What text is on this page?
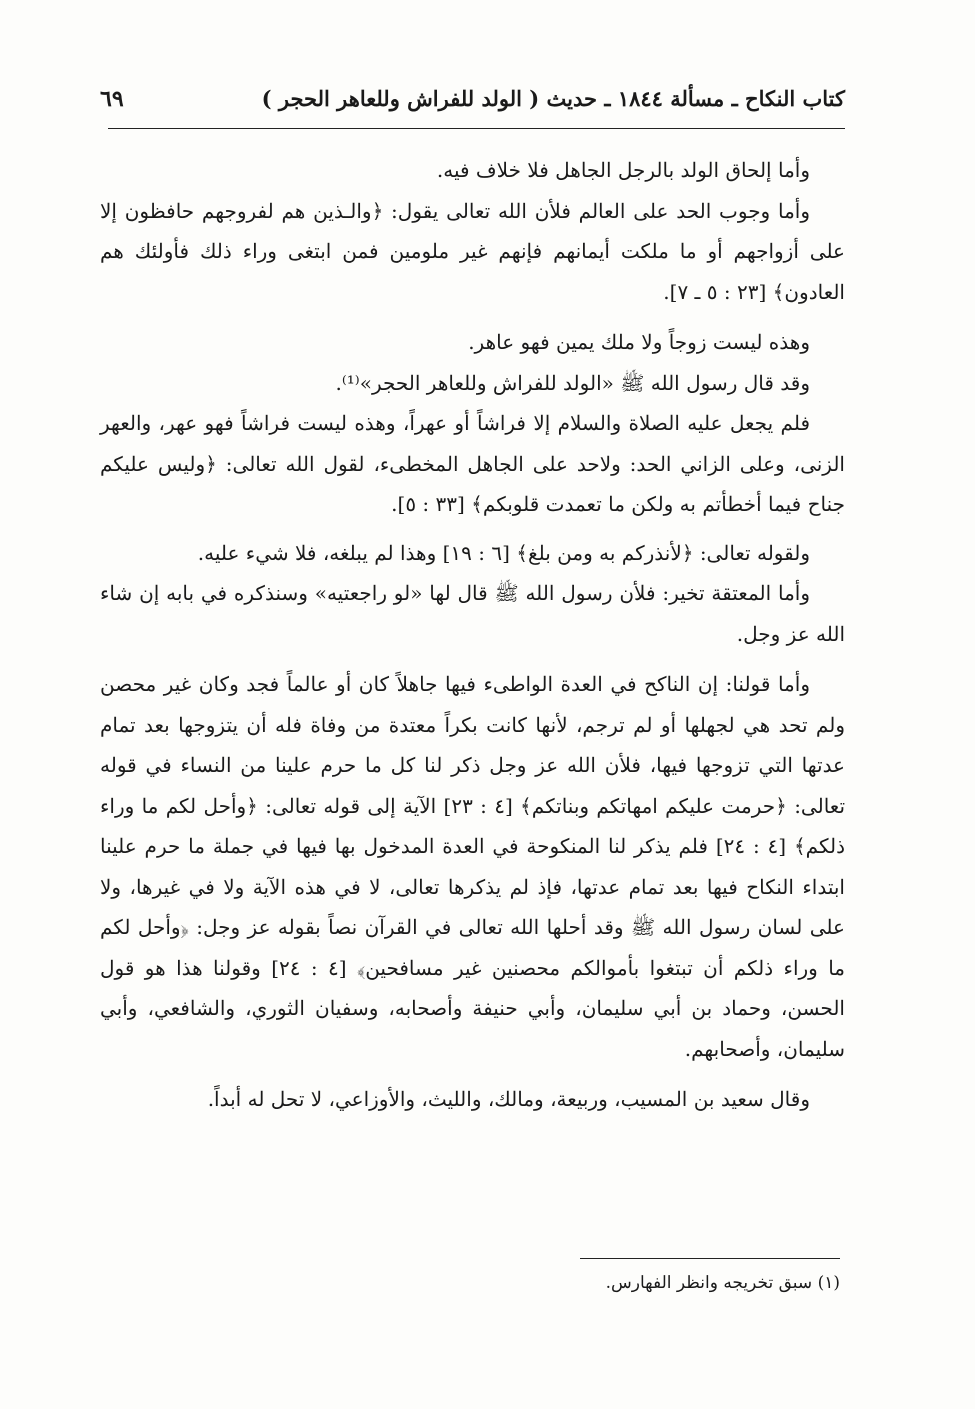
كتاب النكاح ـ مسألة ١٨٤٤ ـ حديث ( الولد للفراش وللعاهر الحجر )
٦٩

وأما إلحاق الولد بالرجل الجاهل فلا خلاف فيه.

وأما وجوب الحد على العالم فلأن الله تعالى يقول: ﴿والـذين هم لفروجهم حافظون إلا على أزواجهم أو ما ملكت أيمانهم فإنهم غير ملومين فمن ابتغى وراء ذلك فأولئك هم العادون﴾ [٢٣ : ٥ ـ ٧].

وهذه ليست زوجاً ولا ملك يمين فهو عاهر.

وقد قال رسول الله ﷺ «الولد للفراش وللعاهر الحجر»⁽¹⁾.

فلم يجعل عليه الصلاة والسلام إلا فراشاً أو عهراً، وهذه ليست فراشاً فهو عهر، والعهر الزنى، وعلى الزاني الحد: ولاحد على الجاهل المخطىء، لقول الله تعالى: ﴿وليس عليكم جناح فيما أخطأتم به ولكن ما تعمدت قلوبكم﴾ [٣٣ : ٥].

ولقوله تعالى: ﴿لأنذركم به ومن بلغ﴾ [٦ : ١٩] وهذا لم يبلغه، فلا شيء عليه.

وأما المعتقة تخير: فلأن رسول الله ﷺ قال لها «لو راجعتيه» وسنذكره في بابه إن شاء الله عز وجل.

وأما قولنا: إن الناكح في العدة الواطىء فيها جاهلاً كان أو عالماً فجد وكان غير محصن ولم تحد هي لجهلها أو لم ترجم، لأنها كانت بكراً معتدة من وفاة فله أن يتزوجها بعد تمام عدتها التي تزوجها فيها، فلأن الله عز وجل ذكر لنا كل ما حرم علينا من النساء في قوله تعالى: ﴿حرمت عليكم امهاتكم وبناتكم﴾ [٤ : ٢٣] الآية إلى قوله تعالى: ﴿وأحل لكم ما وراء ذلكم﴾ [٤ : ٢٤] فلم يذكر لنا المنكوحة في العدة المدخول بها فيها في جملة ما حرم علينا ابتداء النكاح فيها بعد تمام عدتها، فإذ لم يذكرها تعالى، لا في هذه الآية ولا في غيرها، ولا على لسان رسول الله ﷺ وقد أحلها الله تعالى في القرآن نصاً بقوله عز وجل: ﴿وأحل لكم ما وراء ذلكم أن تبتغوا بأموالكم محصنين غير مسافحين﴾ [٤ : ٢٤] وقولنا هذا هو قول الحسن، وحماد بن أبي سليمان، وأبي حنيفة وأصحابه، وسفيان الثوري، والشافعي، وأبي سليمان، وأصحابهم.

وقال سعيد بن المسيب، وربيعة، ومالك، والليث، والأوزاعي، لا تحل له أبداً.

(١) سبق تخريجه وانظر الفهارس.
